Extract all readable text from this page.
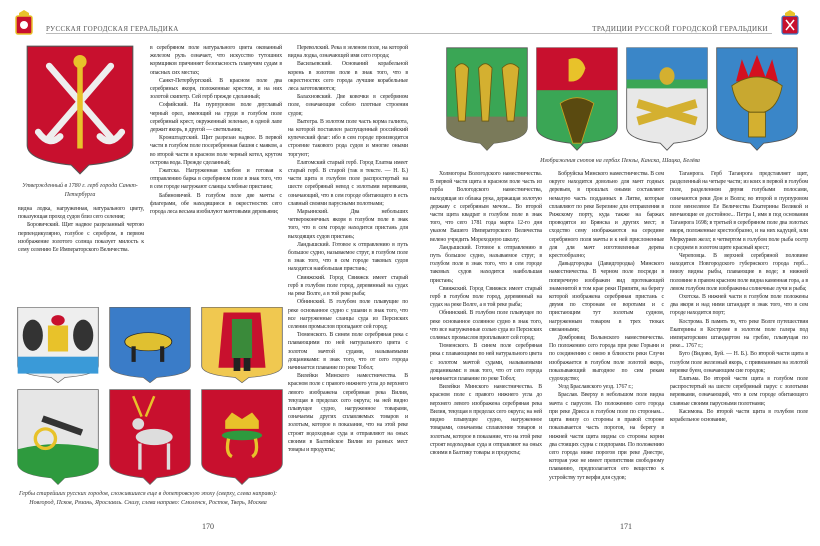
РУССКАЯ ГОРОДСКАЯ ГЕРАЛЬДИКА
Утвержденный в 1780 г. герб города Санкт-Петербурга

видна лодка, нагруженная, натурального цвету, показующая проход судов близ сего селения;

Боровичский. Щит надвое разрезанный чертою перпендикулярно, голубое с серебром, в первом изображение золотого солнца показует милость к сему селению Ее Императорского Величества.

в серебряном поле натурального цвета окованный железом руль означает, что искусство тутошних кормщиков причиняет безопасность плавучим судам в опасных сих местах;

Санкт-Петербургский. В красном поле два серебряных якоря, положенные крестом, и на них золотой скипетр. Сей герб прежде сделанный;

Софийский. На пурпуровом поле двуглавый черный орел, имеющий на груди в голубом поле серебряный крест, окруженный зеленью, в одной лапе держит якорь, в другой — светильник;

Кронштадтский. Щит разрезан надвое. В первой части в голубом поле посеребренная башня с маяком, а во второй части в красном поле черный котел, крутом острова вода. Прежде сделанный;

Гжатска. Нагруженная хлебом и готовая к отправлению барка в серебряном поле в знак того, что в сем городе нагружают сланцы хлебные пристани;

Бабиновичей. В голубом поле две мачты с флагерами, обе находящиеся в окрестностях сего города леса весьма изобилуют мачтовыми деревьями;

Переволский. Река в зеленом поле, на которой видна лодка, означающей имя сего города;

Васильевский. Оснований корабельной корень в золотом поле в знак того, что в окрестностях сего города лучшие корабельные леса заготовляются;

Балахновский. Две ковочки в серебряном поле, означающие собою плотные строения судов;

Вытегра. В золотом поле часть корма галиота, на которой поставлен распущенный российский купеческий флаг: ибо в сем городе производится строение такового рода судов и многие оными торгуют;

Елатомский старый герб. Город Елатма имеет старый герб. В старой (так в тексте. — Н. Б.) части щита в голубом поле распростертый на шесте серебряный невод с золотыми веревками, означающий, что в сем городе обитающего в есть славный своими парусными полотнами;

Марьинский. Два небольших четвероконечных якоря в голубом поле в знак того, что в сем городе находится пристань для выходящих судов пристань;

Ландышский. Готовое к отправлению в путь большое судно, называемое струг, в голубом поле в знак того, что в сем городе таковых судов находится наибольшая пристань;

Свияжский. Город Свияжск имеет старый герб в голубом поле город, деревянный на судах на реке Волге, а в той реке рыба;

Обнинский. В голубом поле плывущие по реке основанное судно с ушами в знак того, что все нагруженные сланцы суда из Персиских селения промыслов пропадают сей город;

Тюменского. В синем поле серебряная река с плавающими по ней натурального цвета с золотом мачтой судами, называемыми дощаниками: в знак того, что от сего города начинается плавание по реке Тобол;

Вилейки Минского наместничества. В красном поле с правого нижнего угла до верхнего левого изображена серебряная река Вилия, текущая в пределах сего округа; на ней видно плывущее судно, нагруженное товарами, означаемы других сплавляемых товаров и золотым, которое в показание, что на этой реке строят водоходные суда и отправляют на оных своими в Балтийское Вилия из разных мест товары и продукты;

Гербы старейших русских городов, сложившиеся еще в допетровскую эпоху (сверху, слева направо): Новгород, Псков, Рязань, Ярославль. Снизу, слева направо: Смоленск, Ростов, Тверь, Москва
170
ТРАДИЦИИ РУССКОЙ ГОРОДСКОЙ ГЕРАЛЬДИКИ
Изображения снопов на гербах Пензы, Канска, Шацка, Белёва

Холмогоры Вологодского наместничества. В первой части щита в красном поле часть из герба Вологодского наместничества, выходящая из облака рука, держащая золотую державу с серебряным мечом... Во второй части щита квадрат в голубом поле в знак того, что сего 1781 года марта 12-го дня указом Вашего Императорского Величества велено учредить Мореходную школу;

Ландышский. Готовое к отправлению в путь большое судно, называемое струг, в голубом поле в знак того, что в сем городе таковых судов находится наибольшая пристань;

Свияжский. Город Свияжск имеет старый герб в голубом поле город, деревянный на судах на реке Волге, а в той реке рыба;

Обнинский. В голубом поле плывущее по реке основанное солянное судно в знак того, что все нагруженные солью суда из Персиских соляных промыслов проплывают сей город;

Тюменского. В синем поле серебряная река с плавающими по ней натурального цвета с золотом мачтой судами, называемыми дощаниками: в знак того, что от сего города начинается плавание по реке Тобол;

Вилейки Минского наместничества. В красном поле с правого нижнего угла до верхнего левого изображена серебряная река Вилия, текущая в пределах сего округа; на ней видно плывущее судно, нагруженное товарами, означаемы сплавление товаров и золотым, которое в показание, что на этой реке строят водоходные суда и отправляют на оных своими в Балтику товары и продукты;

Бобруйска Минского наместничества. В сем округе находится довольно для мачт годных деревьев, в прошлых оными составляют немалую часть подданных в Литве, которые сплавляют по реке Березине для отправления в Рижскому порту, куда также на баржах проводятся из Брянска и других мест; в сходство сему изображаются на середине серебряного поля мачты и к ней прислоненные для для мачт изготовленные дерева крестообразно;

Давыдгородка (Давидгородка) Минского наместничества. В черном поле посреди в поперечную изображен вид протекающей знаменитой в том крае реки Припяти, на берегу которой изображена серебряная пристань с двумя по сторонам ее воротами и с пристающим тут золотым судном, нагруженным товаром в трех тюках связанными;

Домбровиц Волынского наместничества. По положению сего города при реке Горыни и по соединению с оною в близости реки Случи изображается в голубом поле золотой якорь, показывающий выгодное по сим рекам судоходство;

Уезд Браславского уезд. 1767 г.;

Браслав. Вверху в небольшом поле видна мачта с парусом. По положению сего города при реке Дрисса в голубом поле по сторонам... щита внизу со стороны в правой стороне показывается часть порогов, на берегу в нижней части щита видны со стороны корни два стоящих судна с подпорами. По положению сего города ниже порогов при реке Днестре, которая уже не имеет препятствия свободному плаванию, предполагается его вещество к устройству тут верфи для судов;

Таганрога. Герб Таганрога представляет щит, разделенный на четыре части; из коих в первой в голубом поле, разделенном двумя голубыми полосами, означаются реки Дон и Волга; во второй в пурпуровом поле вензелевое Ее Величества Екатерины Великой и венчающие ее достойное... Петра I, имя в под основания Таганрога 1698; в третьей в серебряном поле два золотых якоря, положенные крестообразно, и на них кадуцей, или Меркуриев жезл; в четвертом в голубом поле рыба осетр в среднем в золотом щите красный крест;

Череповца. В верхней серебряной половине находится Новгородского губернского города герб... внизу видны рыбы, плавающие в воде; в нижней половине в правом красном поле видна каменная гора, а в левом голубом поле изображены солнечные лучи и рыба;

Охотска. В нижней части в голубом поле положены два якоря и над ними штандарт в знак того, что в сем городе находится порт;

Кострома. В память то, что реке Волге путешествия Екатерины в Костроме в золотом поле галера под императорским штандартом на гребле, плывущая по реке... 1767 г.;

Буго (Видово, Буй. — Н. Б.). Во второй части щита в голубом поле железный якорь, с привязанным на золотой веревке буем, означающим сие городок;

Елатьма. Во второй части щита в голубом поле распростертый на шесте серебряный парус с золотыми веревками, означающий, что в сем городе обитающего славные своими парусными полотнами;

Касимова. Во второй части щита в голубом поле корабельное основание,

171
